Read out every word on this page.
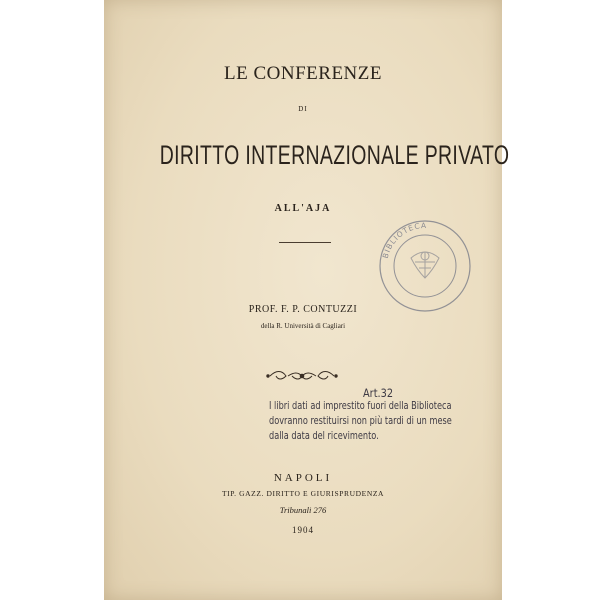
LE CONFERENZE
DI
DIRITTO INTERNAZIONALE PRIVATO
ALL'AJA
BIBLIOTECA
PROF. F. P. CONTUZZI
della R. Università di Cagliari
Art.32
I libri dati ad imprestito fuori della Biblioteca
dovranno restituirsi non più tardi di un mese
dalla data del ricevimento.
NAPOLI
TIP. GAZZ. DIRITTO E GIURISPRUDENZA
Tribunali 276
1904
